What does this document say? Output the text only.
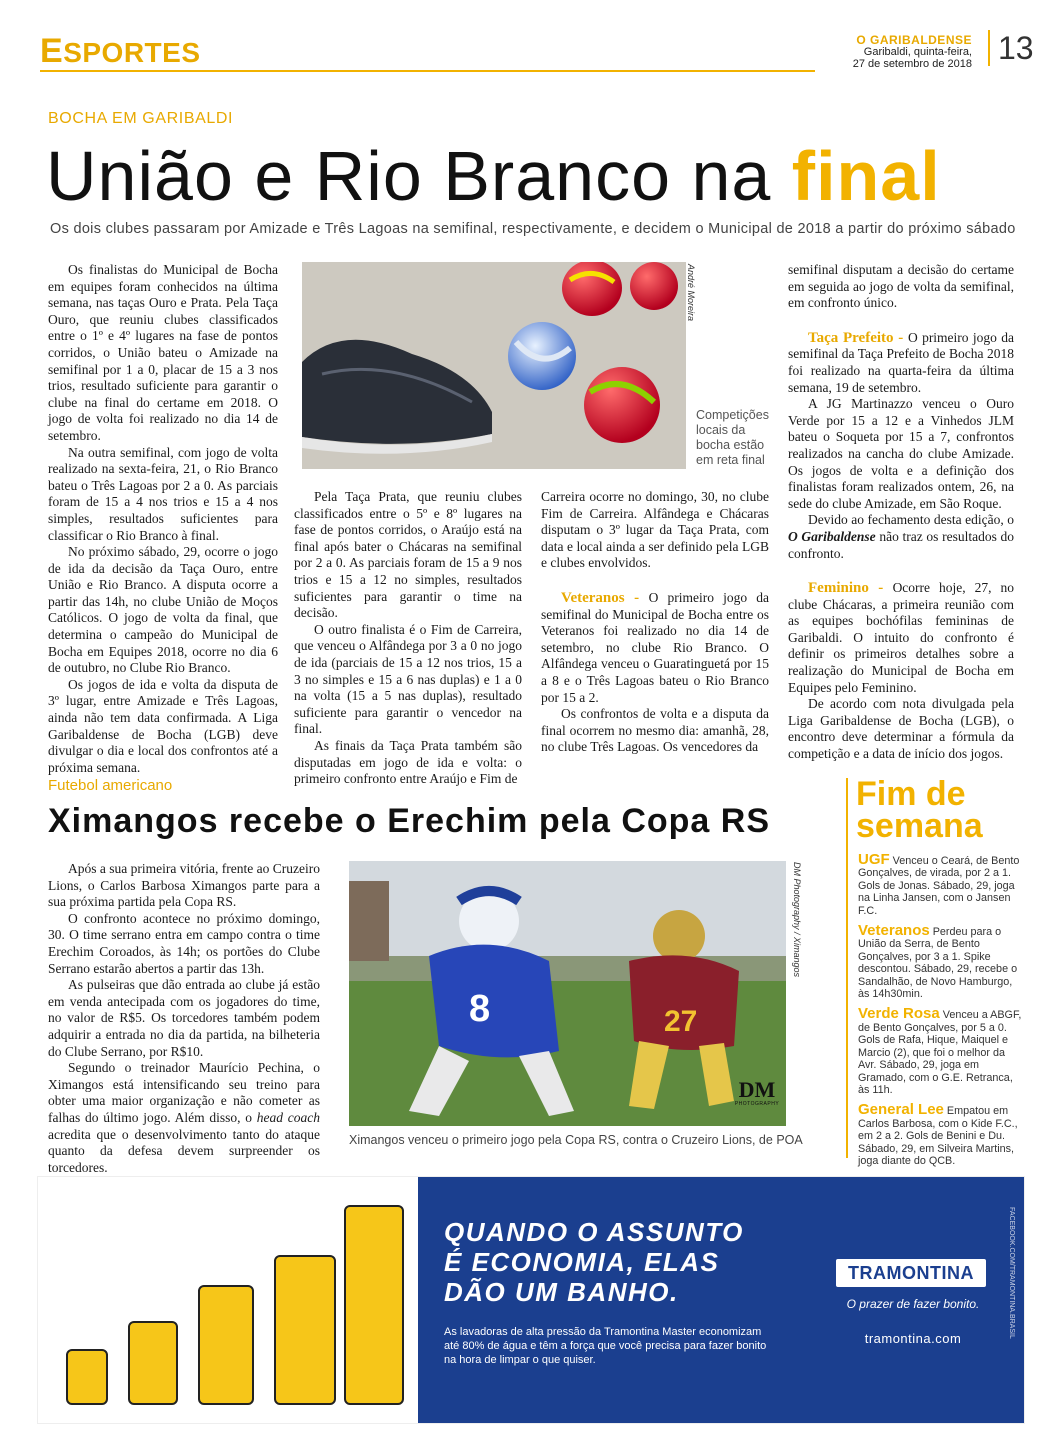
ESPORTES	O GARIBALDENSE
Garibaldi, quinta-feira,
27 de setembro de 2018 13
BOCHA EM GARIBALDI
União e Rio Branco na final
Os dois clubes passaram por Amizade e Três Lagoas na semifinal, respectivamente, e decidem o Municipal de 2018 a partir do próximo sábado

Os finalistas do Municipal de Bocha em equipes foram conhecidos na última semana, nas taças Ouro e Prata. Pela Taça Ouro, que reuniu clubes classificados entre o 1º e 4º lugares na fase de pontos corridos, o União bateu o Amizade na semifinal por 1 a 0, placar de 15 a 3 nos trios, resultado suficiente para garantir o clube na final do certame em 2018. O jogo de volta foi realizado no dia 14 de setembro.

Na outra semifinal, com jogo de volta realizado na sexta-feira, 21, o Rio Branco bateu o Três Lagoas por 2 a 0. As parciais foram de 15 a 4 nos trios e 15 a 4 nos simples, resultados suficientes para classificar o Rio Branco à final.

No próximo sábado, 29, ocorre o jogo de ida da decisão da Taça Ouro, entre União e Rio Branco. A disputa ocorre a partir das 14h, no clube União de Moços Católicos. O jogo de volta da final, que determina o campeão do Municipal de Bocha em Equipes 2018, ocorre no dia 6 de outubro, no Clube Rio Branco.

Os jogos de ida e volta da disputa de 3º lugar, entre Amizade e Três Lagoas, ainda não tem data confirmada. A Liga Garibaldense de Bocha (LGB) deve divulgar o dia e local dos confrontos até a próxima semana.

André Moreira
Competições locais da bocha estão em reta final

Pela Taça Prata, que reuniu clubes classificados entre o 5º e 8º lugares na fase de pontos corridos, o Araújo está na final após bater o Chácaras na semifinal por 2 a 0. As parciais foram de 15 a 9 nos trios e 15 a 12 no simples, resultados suficientes para garantir o time na decisão.

O outro finalista é o Fim de Carreira, que venceu o Alfândega por 3 a 0 no jogo de ida (parciais de 15 a 12 nos trios, 15 a 3 no simples e 15 a 6 nas duplas) e 1 a 0 na volta (15 a 5 nas duplas), resultado suficiente para garantir o vencedor na final.

As finais da Taça Prata também são disputadas em jogo de ida e volta: o primeiro confronto entre Araújo e Fim de

Carreira ocorre no domingo, 30, no clube Fim de Carreira. Alfândega e Chácaras disputam o 3º lugar da Taça Prata, com data e local ainda a ser definido pela LGB e clubes envolvidos.

Veteranos - O primeiro jogo da semifinal do Municipal de Bocha entre os Veteranos foi realizado no dia 14 de setembro, no clube Rio Branco. O Alfândega venceu o Guaratinguetá por 15 a 8 e o Três Lagoas bateu o Rio Branco por 15 a 2.

Os confrontos de volta e a disputa da final ocorrem no mesmo dia: amanhã, 28, no clube Três Lagoas. Os vencedores da

semifinal disputam a decisão do certame em seguida ao jogo de volta da semifinal, em confronto único.

Taça Prefeito - O primeiro jogo da semifinal da Taça Prefeito de Bocha 2018 foi realizado na quarta-feira da última semana, 19 de setembro.

A JG Martinazzo venceu o Ouro Verde por 15 a 12 e a Vinhedos JLM bateu o Soqueta por 15 a 7, confrontos realizados na cancha do clube Amizade. Os jogos de volta e a definição dos finalistas foram realizados ontem, 26, na sede do clube Amizade, em São Roque.

Devido ao fechamento desta edição, o O Garibaldense não traz os resultados do confronto.

Feminino - Ocorre hoje, 27, no clube Chácaras, a primeira reunião com as equipes bochófilas femininas de Garibaldi. O intuito do confronto é definir os primeiros detalhes sobre a realização do Municipal de Bocha em Equipes pelo Feminino.

De acordo com nota divulgada pela Liga Garibaldense de Bocha (LGB), o encontro deve determinar a fórmula da competição e a data de início dos jogos.

Futebol americano
Ximangos recebe o Erechim pela Copa RS

Após a sua primeira vitória, frente ao Cruzeiro Lions, o Carlos Barbosa Ximangos parte para a sua próxima partida pela Copa RS.

O confronto acontece no próximo domingo, 30. O time serrano entra em campo contra o time Erechim Coroados, às 14h; os portões do Clube Serrano estarão abertos a partir das 13h.

As pulseiras que dão entrada ao clube já estão em venda antecipada com os jogadores do time, no valor de R$5. Os torcedores também podem adquirir a entrada no dia da partida, na bilheteria do Clube Serrano, por R$10.

Segundo o treinador Maurício Pechina, o Ximangos está intensificando seu treino para obter uma maior organização e não cometer as falhas do último jogo. Além disso, o head coach acredita que o desenvolvimento tanto do ataque quanto da defesa devem surpreender os torcedores.

8	27
DM
PHOTOGRAPHY
DM Photography / Ximangos
Ximangos venceu o primeiro jogo pela Copa RS, contra o Cruzeiro Lions, de POA
Fim de
semana
UGF Venceu o Ceará, de Bento Gonçalves, de virada, por 2 a 1. Gols de Jonas. Sábado, 29, joga na Linha Jansen, com o Jansen F.C.
Veteranos Perdeu para o União da Serra, de Bento Gonçalves, por 3 a 1. Spike descontou. Sábado, 29, recebe o Sandalhão, de Novo Hamburgo, às 14h30min.
Verde Rosa Venceu a ABGF, de Bento Gonçalves, por 5 a 0. Gols de Rafa, Hique, Maiquel e Marcio (2), que foi o melhor da Avr. Sábado, 29, joga em Gramado, com o G.E. Retranca, às 11h.
General Lee Empatou em Carlos Barbosa, com o Kide F.C., em 2 a 2. Gols de Benini e Du. Sábado, 29, em Silveira Martins, joga diante do QCB.
QUANDO O ASSUNTO
É ECONOMIA, ELAS
DÃO UM BANHO.
As lavadoras de alta pressão da Tramontina Master economizam até 80% de água e têm a força que você precisa para fazer bonito na hora de limpar o que quiser.
TRAMONTINA
O prazer de fazer bonito.
tramontina.com	FACEBOOK.COM/TRAMONTINA.BRASIL
